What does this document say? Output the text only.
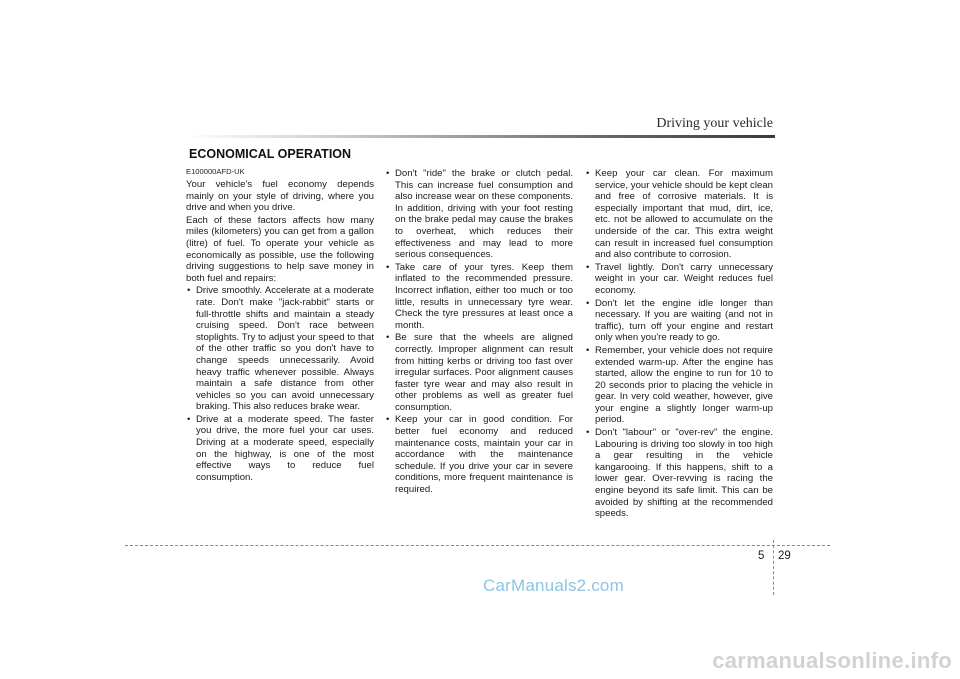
Driving your vehicle
ECONOMICAL OPERATION
E100000AFD-UK

Your vehicle's fuel economy depends mainly on your style of driving, where you drive and when you drive.

Each of these factors affects how many miles (kilometers) you can get from a gallon (litre) of fuel. To operate your vehicle as economically as possible, use the following driving suggestions to help save money in both fuel and repairs:

• Drive smoothly. Accelerate at a moderate rate. Don't make "jack-rabbit" starts or full-throttle shifts and maintain a steady cruising speed. Don't race between stoplights. Try to adjust your speed to that of the other traffic so you don't have to change speeds unnecessarily. Avoid heavy traffic whenever possible. Always maintain a safe distance from other vehicles so you can avoid unnecessary braking. This also reduces brake wear.
• Drive at a moderate speed. The faster you drive, the more fuel your car uses. Driving at a moderate speed, especially on the highway, is one of the most effective ways to reduce fuel consumption.
• Don't "ride" the brake or clutch pedal. This can increase fuel consumption and also increase wear on these components. In addition, driving with your foot resting on the brake pedal may cause the brakes to overheat, which reduces their effectiveness and may lead to more serious consequences.
• Take care of your tyres. Keep them inflated to the recommended pressure. Incorrect inflation, either too much or too little, results in unnecessary tyre wear. Check the tyre pressures at least once a month.
• Be sure that the wheels are aligned correctly. Improper alignment can result from hitting kerbs or driving too fast over irregular surfaces. Poor alignment causes faster tyre wear and may also result in other problems as well as greater fuel consumption.
• Keep your car in good condition. For better fuel economy and reduced maintenance costs, maintain your car in accordance with the maintenance schedule. If you drive your car in severe conditions, more frequent maintenance is required.
• Keep your car clean. For maximum service, your vehicle should be kept clean and free of corrosive materials. It is especially important that mud, dirt, ice, etc. not be allowed to accumulate on the underside of the car. This extra weight can result in increased fuel consumption and also contribute to corrosion.
• Travel lightly. Don't carry unnecessary weight in your car. Weight reduces fuel economy.
• Don't let the engine idle longer than necessary. If you are waiting (and not in traffic), turn off your engine and restart only when you're ready to go.
• Remember, your vehicle does not require extended warm-up. After the engine has started, allow the engine to run for 10 to 20 seconds prior to placing the vehicle in gear. In very cold weather, however, give your engine a slightly longer warm-up period.
• Don't "labour" or "over-rev" the engine. Labouring is driving too slowly in too high a gear resulting in the vehicle kangarooing. If this happens, shift to a lower gear. Over-revving is racing the engine beyond its safe limit. This can be avoided by shifting at the recommended speeds.
5 29
CarManuals2.com
carmanualsonline.info
